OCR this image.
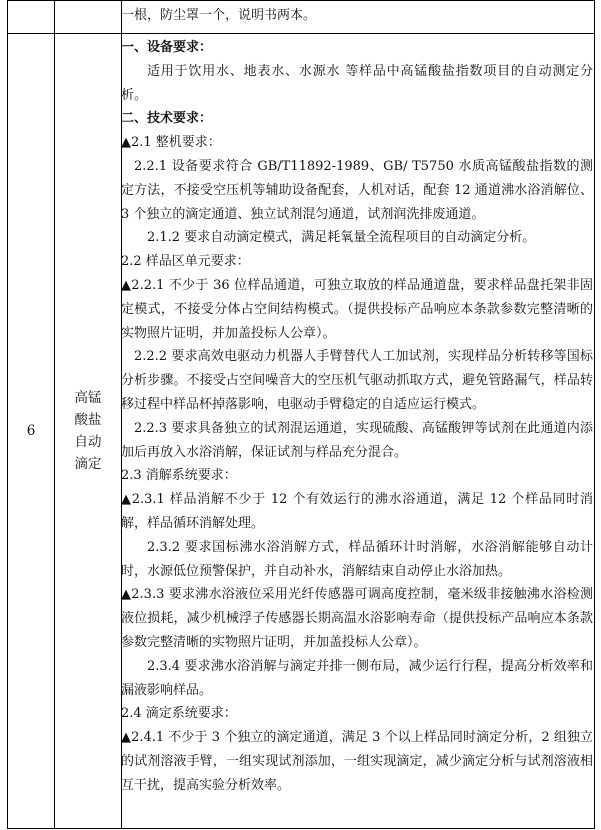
6
高锰酸盐自动滴定
一根，防尘罩一个，说明书两本。

一、设备要求：

适用于饮用水、地表水、水源水 等样品中高锰酸盐指数项目的自动测定分析。

二、技术要求：

▲2.1 整机要求：

2.2.1 设备要求符合 GB/T11892-1989、GB/ T5750 水质高锰酸盐指数的测定方法，不接受空压机等辅助设备配套，人机对话，配套 12 通道沸水浴消解位、3 个独立的滴定通道、独立试剂混匀通道，试剂润洗排废通道。

2.1.2 要求自动滴定模式，满足耗氧量全流程项目的自动滴定分析。

2.2 样品区单元要求：

▲2.2.1 不少于 36 位样品通道，可独立取放的样品通道盘，要求样品盘托架非固定模式，不接受分体占空间结构模式。（提供投标产品响应本条款参数完整清晰的实物照片证明，并加盖投标人公章）。

2.2.2 要求高效电驱动力机器人手臂替代人工加试剂，实现样品分析转移等国标分析步骤。不接受占空间噪音大的空压机气驱动抓取方式，避免管路漏气，样品转移过程中样品杯掉落影响，电驱动手臂稳定的自适应运行模式。

2.2.3 要求具备独立的试剂混运通道，实现硫酸、高锰酸钾等试剂在此通道内添加后再放入水浴消解，保证试剂与样品充分混合。

2.3 消解系统要求：

▲2.3.1 样品消解不少于 12 个有效运行的沸水浴通道，满足 12 个样品同时消解，样品循环消解处理。

2.3.2 要求国标沸水浴消解方式，样品循环计时消解，水浴消解能够自动计时，水源低位预警保护，并自动补水，消解结束自动停止水浴加热。

▲2.3.3 要求沸水浴液位采用光纤传感器可调高度控制，毫米级非接触沸水浴检测液位损耗，减少机械浮子传感器长期高温水浴影响寿命（提供投标产品响应本条款参数完整清晰的实物照片证明，并加盖投标人公章）。

2.3.4 要求沸水浴消解与滴定并排一侧布局，减少运行行程，提高分析效率和漏液影响样品。

2.4 滴定系统要求：

▲2.4.1 不少于 3 个独立的滴定通道，满足 3 个以上样品同时滴定分析，2 组独立的试剂溶液手臂，一组实现试剂添加，一组实现滴定，减少滴定分析与试剂溶液相互干扰，提高实验分析效率。
